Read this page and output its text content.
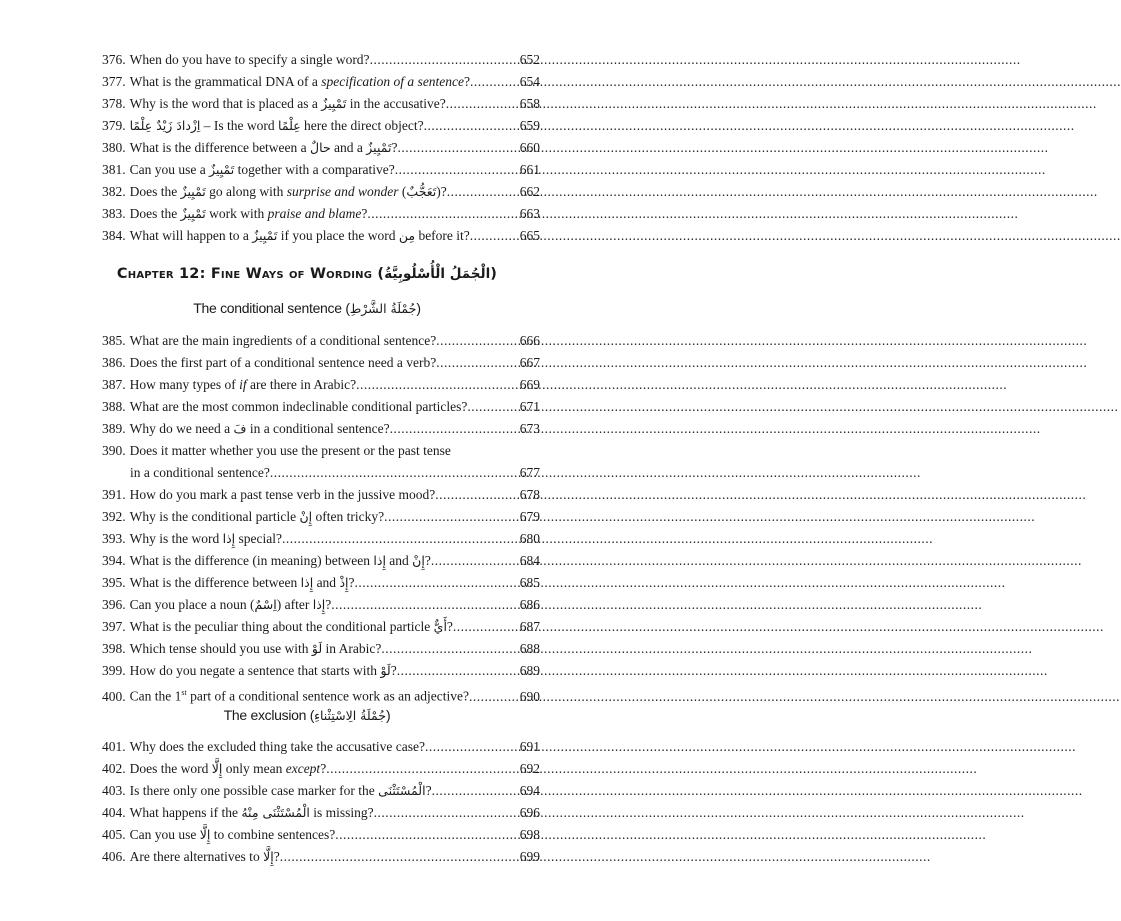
376. When do you have to specify a single word? .....	652
377. What is the grammatical DNA of a specification of a sentence? .....	654
378. Why is the word that is placed as a تَمْيِيزٌ in the accusative? .....	658
379. اِزْدادَ زَيْدٌ عِلْمًا – Is the word عِلْمًا here the direct object? .....	659
380. What is the difference between a حالٌ and a تَمْيِيزٌ? .....	660
381. Can you use a تَمْيِيزٌ together with a comparative? .....	661
382. Does the تَمْيِيزٌ go along with surprise and wonder (تَعَجُّبٌ)? .....	662
383. Does the تَمْيِيزٌ work with praise and blame? .....	663
384. What will happen to a تَمْيِيزٌ if you place the word مِن before it? .....	665
Chapter 12: Fine Ways of Wording (الْجُمَلُ الْأُسْلُوبِيَّةُ)
The conditional sentence (جُمْلَةُ الشَّرْطِ)
385. What are the main ingredients of a conditional sentence? .....	666
386. Does the first part of a conditional sentence need a verb? .....	667
387. How many types of if are there in Arabic? .....	669
388. What are the most common indeclinable conditional particles? .....	671
389. Why do we need a فَ in a conditional sentence? .....	673
390. Does it matter whether you use the present or the past tense
in a conditional sentence? .....	677
391. How do you mark a past tense verb in the jussive mood? .....	678
392. Why is the conditional particle إِنْ often tricky? .....	679
393. Why is the word إِذا special? .....	680
394. What is the difference (in meaning) between إِذا and إِنْ? .....	684
395. What is the difference between إِذا and إِذْ? .....	685
396. Can you place a noun (اِسْمٌ) after إِذا? .....	686
397. What is the peculiar thing about the conditional particle أَيٌّ? .....	687
398. Which tense should you use with لَوْ in Arabic? .....	688
399. How do you negate a sentence that starts with لَوْ? .....	689
400. Can the 1st part of a conditional sentence work as an adjective? .....	690
The exclusion (جُمْلَةُ الِاسْتِثْناءِ)
401. Why does the excluded thing take the accusative case? .....	691
402. Does the word إِلَّا only mean except? .....	692
403. Is there only one possible case marker for the الْمُسْتَثْنَى? .....	694
404. What happens if the الْمُسْتَثْنَى مِنْهُ is missing? .....	696
405. Can you use إِلَّا to combine sentences? .....	698
406. Are there alternatives to إِلَّا? .....	699
